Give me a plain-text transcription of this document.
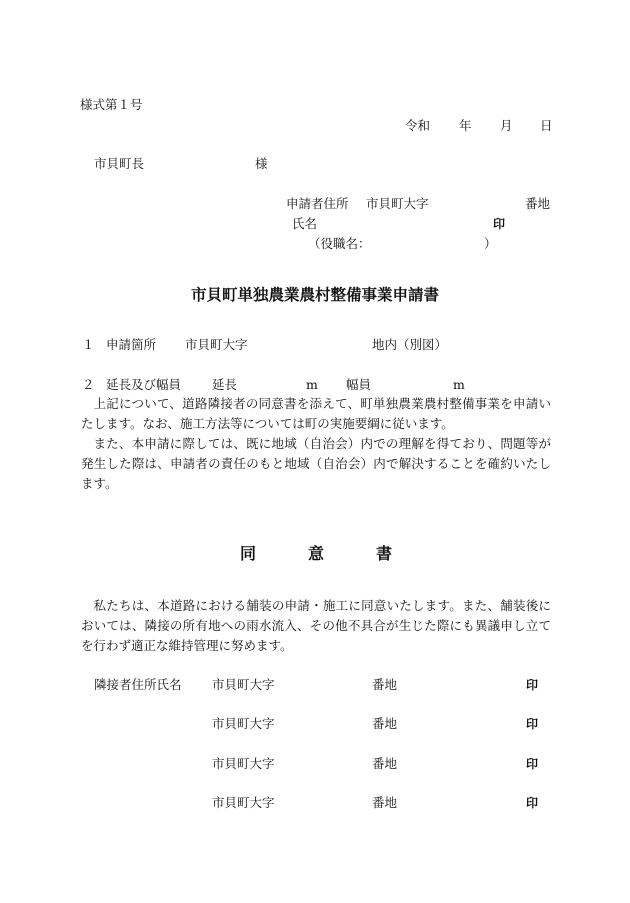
様式第１号
令和 年 月 日
市貝町長	様
申請者住所 市貝町大字	番地
氏名	印
（役職名：	）
市貝町単独農業農村整備事業申請書
１ 申請箇所 市貝町大字	地内（別図）
２ 延長及び幅員 延長	m 幅員	m
上記について、道路隣接者の同意書を添えて、町単独農業農村整備事業を申請いたします。なお、施工方法等については町の実施要綱に従います。
また、本申請に際しては、既に地域（自治会）内での理解を得ており、問題等が発生した際は、申請者の責任のもと地域（自治会）内で解決することを確約いたします。
同	意	書
私たちは、本道路における舗装の申請・施工に同意いたします。また、舗装後においては、隣接の所有地への雨水流入、その他不具合が生じた際にも異議申し立てを行わず適正な維持管理に努めます。
隣接者住所氏名 市貝町大字	番地	印
市貝町大字	番地	印
市貝町大字	番地	印
市貝町大字	番地	印
